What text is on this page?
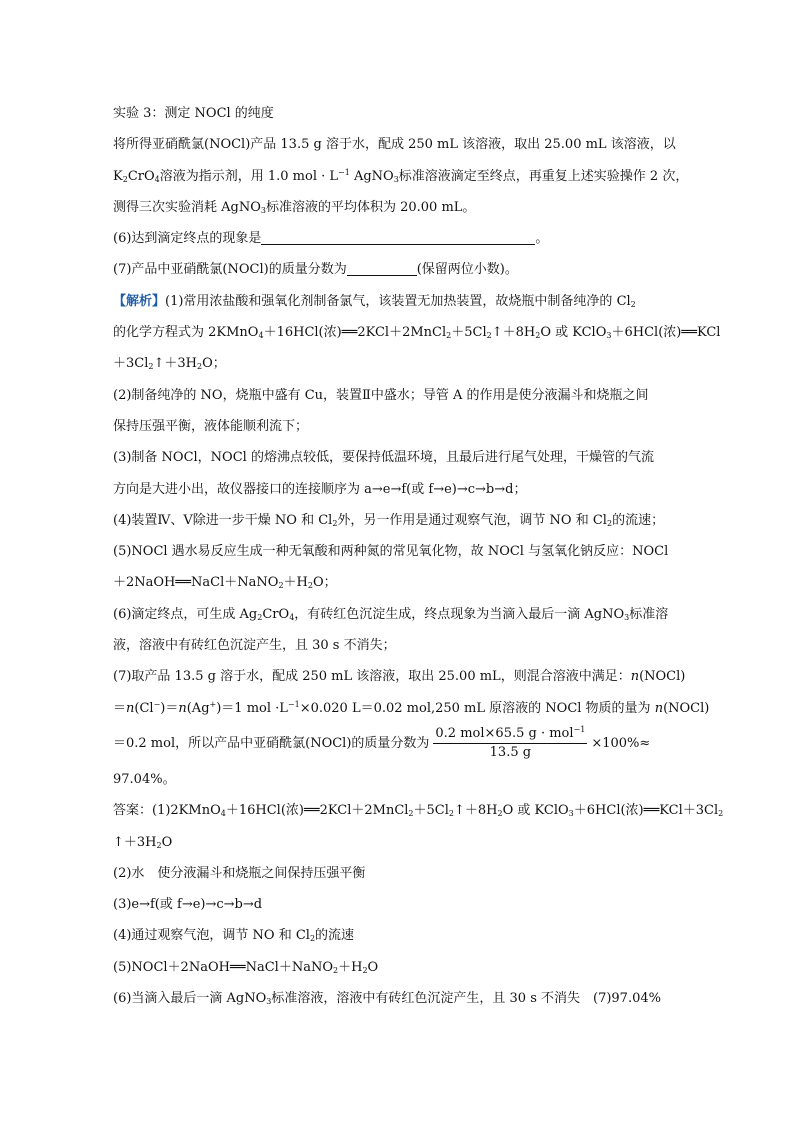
实验 3：测定 NOCl 的纯度
将所得亚硝酰氯(NOCl)产品 13.5 g 溶于水，配成 250 mL 该溶液，取出 25.00 mL 该溶液，以
$K_2CrO_4$溶液为指示剂，用 1.0 mol · $L^{-1}$ AgNO$_3$标准溶液滴定至终点，再重复上述实验操作 2 次，
测得三次实验消耗 AgNO$_3$标准溶液的平均体积为 20.00 mL。
(6)达到滴定终点的现象是	。
(7)产品中亚硝酰氯(NOCl)的质量分数为	(保留两位小数)。
【解析】(1)常用浓盐酸和强氧化剂制备氯气，该装置无加热装置，故烧瓶中制备纯净的 $Cl_2$
的化学方程式为 2KMnO$_4$＋16HCl(浓)$══2KCl+2MnCl_2+5Cl_2↑+8H_2O$ 或 KClO$_3$＋6HCl(浓)══KCl
$+3Cl_2↑+3H_2O$；
(2)制备纯净的 NO，烧瓶中盛有 Cu，装置Ⅱ中盛水；导管 A 的作用是使分液漏斗和烧瓶之间
保持压强平衡，液体能顺利流下；
(3)制备 NOCl，NOCl 的熔沸点较低，要保持低温环境，且最后进行尾气处理，干燥管的气流
方向是大进小出，故仪器接口的连接顺序为 a→e→f(或 f→e)→c→b→d；
(4)装置Ⅳ、Ⅴ除进一步干燥 NO 和 $Cl_2$外，另一作用是通过观察气泡，调节 NO 和 $Cl_2$的流速；
(5)NOCl 遇水易反应生成一种无氧酸和两种氮的常见氧化物，故 NOCl 与氢氧化钠反应：NOCl
$+2NaOH══NaCl+NaNO_2+H_2O$；
(6)滴定终点，可生成 $Ag_2CrO_4$，有砖红色沉淀生成，终点现象为当滴入最后一滴 AgNO$_3$标准溶
液，溶液中有砖红色沉淀产生，且 30 s 不消失；
(7)取产品 13.5 g 溶于水，配成 250 mL 该溶液，取出 25.00 mL，则混合溶液中满足：n(NOCl)
＝n(Cl−)＝n(Ag+)＝1 mol $\cdot L^{-1}\times 0.020$ L＝0.02 mol,250 mL 原溶液的 NOCl 物质的量为 n(NOCl)
＝0.2 mol，所以产品中亚硝酰氯(NOCl)的质量分数为 $\frac{0.2 mol\times 65.5 g \cdot mol^{-1}}{13.5 g} \times 100\%\approx$
97.04%。
答案：(1)2KMnO$_4$＋16HCl(浓)$══2KCl+2MnCl_2+5Cl_2↑+8H_2O$ 或 KClO$_3$＋6HCl(浓)$══KCl+3Cl_2$
$↑+3H_2O$
(2)水　使分液漏斗和烧瓶之间保持压强平衡
(3)e→f(或 f→e)→c→b→d
(4)通过观察气泡，调节 NO 和 $Cl_2$的流速
$(5)NOCl+2NaOH══NaCl+NaNO_2+H_2O$
(6)当滴入最后一滴 AgNO$_3$标准溶液，溶液中有砖红色沉淀产生，且 30 s 不消失　(7)97.04%
